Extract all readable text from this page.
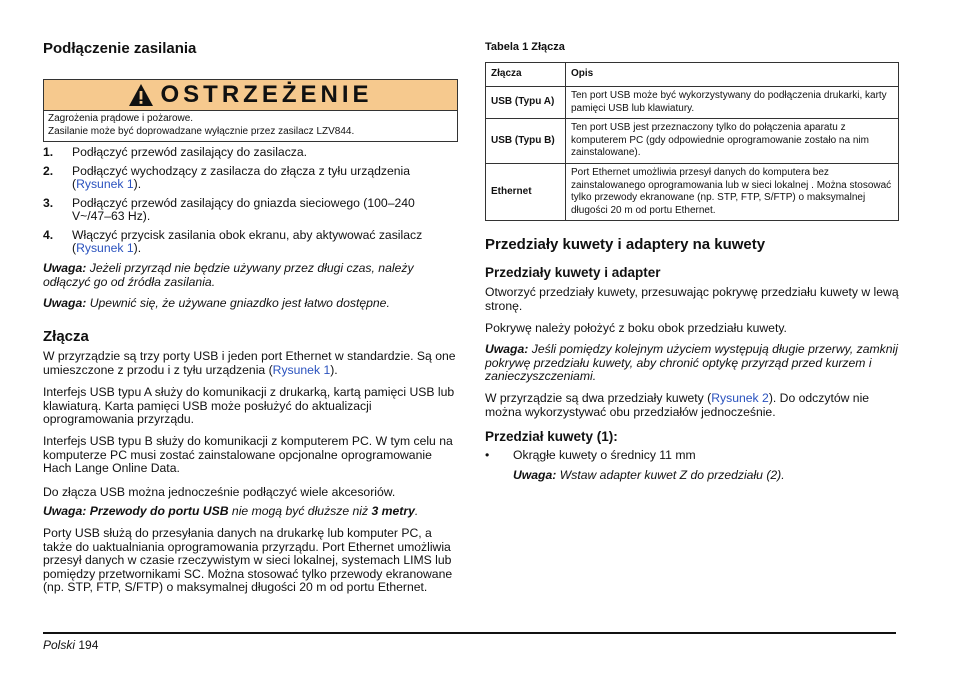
Podłączenie zasilania
OSTRZEŻENIE
Zagrożenia prądowe i pożarowe.
Zasilanie może być doprowadzane wyłącznie przez zasilacz LZV844.
1. Podłączyć przewód zasilający do zasilacza.
2. Podłączyć wychodzący z zasilacza do złącza z tyłu urządzenia (Rysunek 1).
3. Podłączyć przewód zasilający do gniazda sieciowego (100–240 V~/47–63 Hz).
4. Włączyć przycisk zasilania obok ekranu, aby aktywować zasilacz (Rysunek 1).

Uwaga: Jeżeli przyrząd nie będzie używany przez długi czas, należy odłączyć go od źródła zasilania.

Uwaga: Upewnić się, że używane gniazdko jest łatwo dostępne.

Złącza

W przyrządzie są trzy porty USB i jeden port Ethernet w standardzie. Są one umieszczone z przodu i z tyłu urządzenia (Rysunek 1).

Interfejs USB typu A służy do komunikacji z drukarką, kartą pamięci USB lub klawiaturą. Karta pamięci USB może posłużyć do aktualizacji oprogramowania przyrządu.

Interfejs USB typu B służy do komunikacji z komputerem PC. W tym celu na komputerze PC musi zostać zainstalowane opcjonalne oprogramowanie Hach Lange Online Data.

Do złącza USB można jednocześnie podłączyć wiele akcesoriów.

Uwaga: Przewody do portu USB nie mogą być dłuższe niż 3 metry.

Porty USB służą do przesyłania danych na drukarkę lub komputer PC, a także do uaktualniania oprogramowania przyrządu. Port Ethernet umożliwia przesył danych w czasie rzeczywistym w sieci lokalnej, systemach LIMS lub pomiędzy przetwornikami SC. Można stosować tylko przewody ekranowane (np. STP, FTP, S/FTP) o maksymalnej długości 20 m od portu Ethernet.

Tabela 1 Złącza
Złącza	Opis
USB (Typu A)	Ten port USB może być wykorzystywany do podłączenia drukarki, karty pamięci USB lub klawiatury.
USB (Typu B)	Ten port USB jest przeznaczony tylko do połączenia aparatu z komputerem PC (gdy odpowiednie oprogramowanie zostało na nim zainstalowane).
Ethernet	Port Ethernet umożliwia przesył danych do komputera bez zainstalowanego oprogramowania lub w sieci lokalnej . Można stosować tylko przewody ekranowane (np. STP, FTP, S/FTP) o maksymalnej długości 20 m od portu Ethernet.
Przedziały kuwety i adaptery na kuwety
Przedziały kuwety i adapter

Otworzyć przedziały kuwety, przesuwając pokrywę przedziału kuwety w lewą stronę.

Pokrywę należy położyć z boku obok przedziału kuwety.

Uwaga: Jeśli pomiędzy kolejnym użyciem występują długie przerwy, zamknij pokrywę przedziału kuwety, aby chronić optykę przyrząd przed kurzem i zanieczyszczeniami.

W przyrządzie są dwa przedziały kuwety (Rysunek 2). Do odczytów nie można wykorzystywać obu przedziałów jednocześnie.

Przedział kuwety (1):
• Okrągłe kuwety o średnicy 11 mm

Uwaga: Wstaw adapter kuwet Z do przedziału (2).

Polski 194
